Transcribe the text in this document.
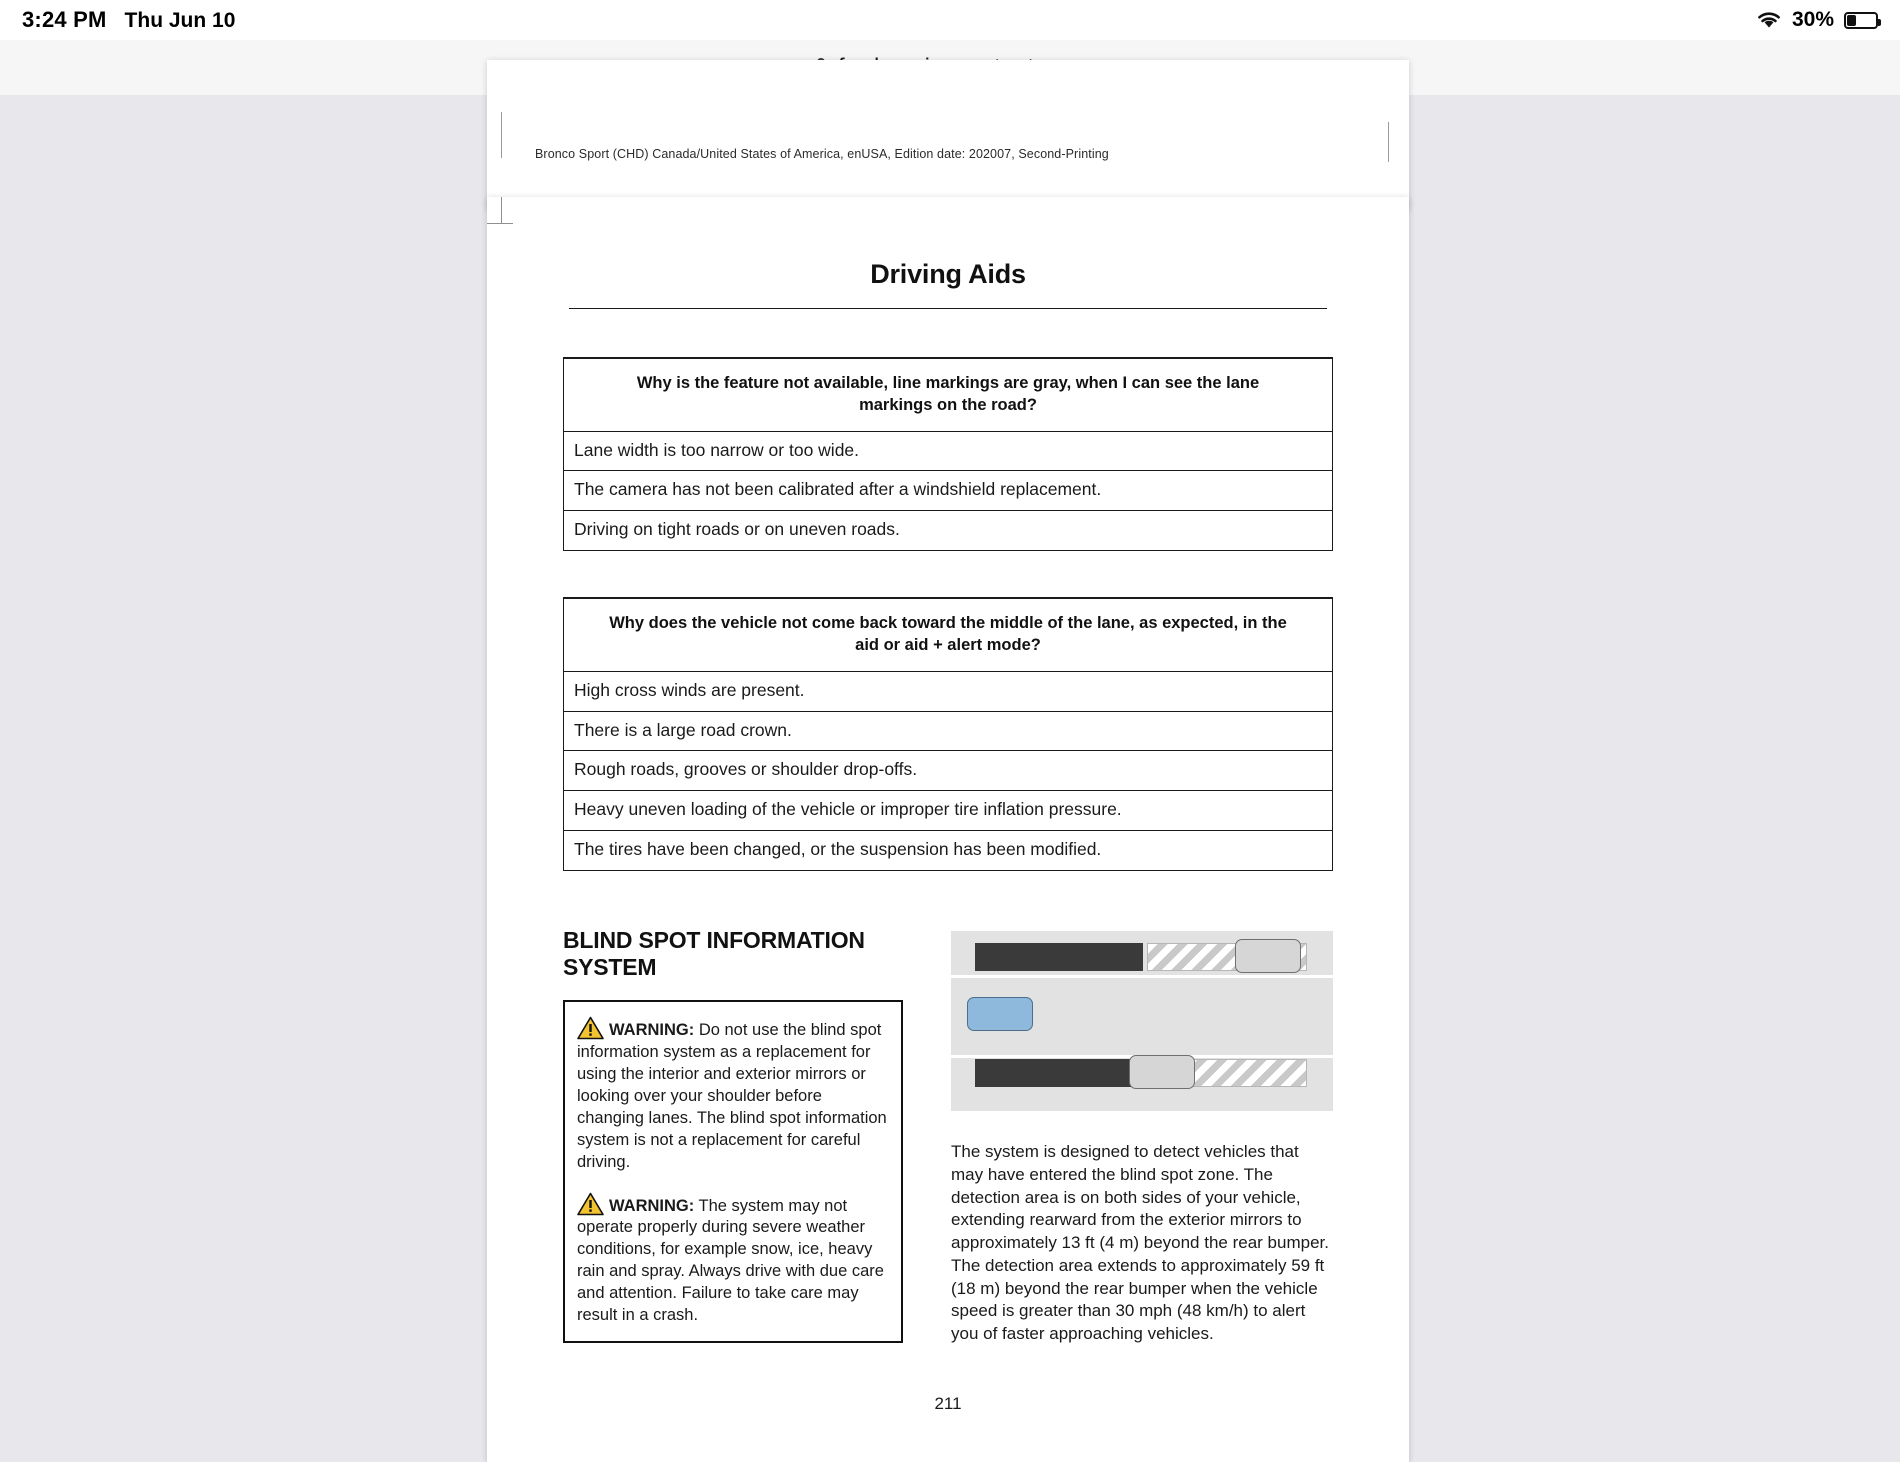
3:24 PM Thu Jun 10	30%
Bronco Sport (CHD) Canada/United States of America, enUSA, Edition date: 202007, Second-Printing
Driving Aids
Why is the feature not available, line markings are gray, when I can see the lane markings on the road?
Lane width is too narrow or too wide.
The camera has not been calibrated after a windshield replacement.
Driving on tight roads or on uneven roads.
Why does the vehicle not come back toward the middle of the lane, as expected, in the aid or aid + alert mode?
High cross winds are present.
There is a large road crown.
Rough roads, grooves or shoulder drop-offs.
Heavy uneven loading of the vehicle or improper tire inflation pressure.
The tires have been changed, or the suspension has been modified.
BLIND SPOT INFORMATION SYSTEM
WARNING: Do not use the blind spot information system as a replacement for using the interior and exterior mirrors or looking over your shoulder before changing lanes. The blind spot information system is not a replacement for careful driving.
WARNING: The system may not operate properly during severe weather conditions, for example snow, ice, heavy rain and spray. Always drive with due care and attention. Failure to take care may result in a crash.
The system is designed to detect vehicles that may have entered the blind spot zone. The detection area is on both sides of your vehicle, extending rearward from the exterior mirrors to approximately 13 ft (4 m) beyond the rear bumper. The detection area extends to approximately 59 ft (18 m) beyond the rear bumper when the vehicle speed is greater than 30 mph (48 km/h) to alert you of faster approaching vehicles.
211
